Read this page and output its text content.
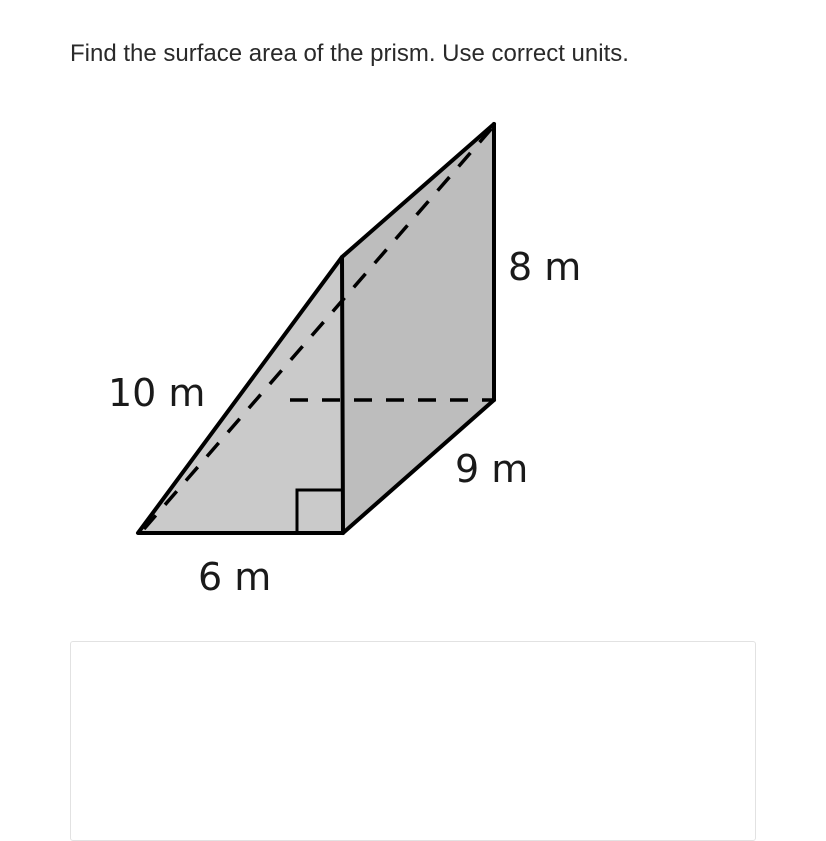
Find the surface area of the prism. Use correct units.
8 m
10 m
9 m
6 m
